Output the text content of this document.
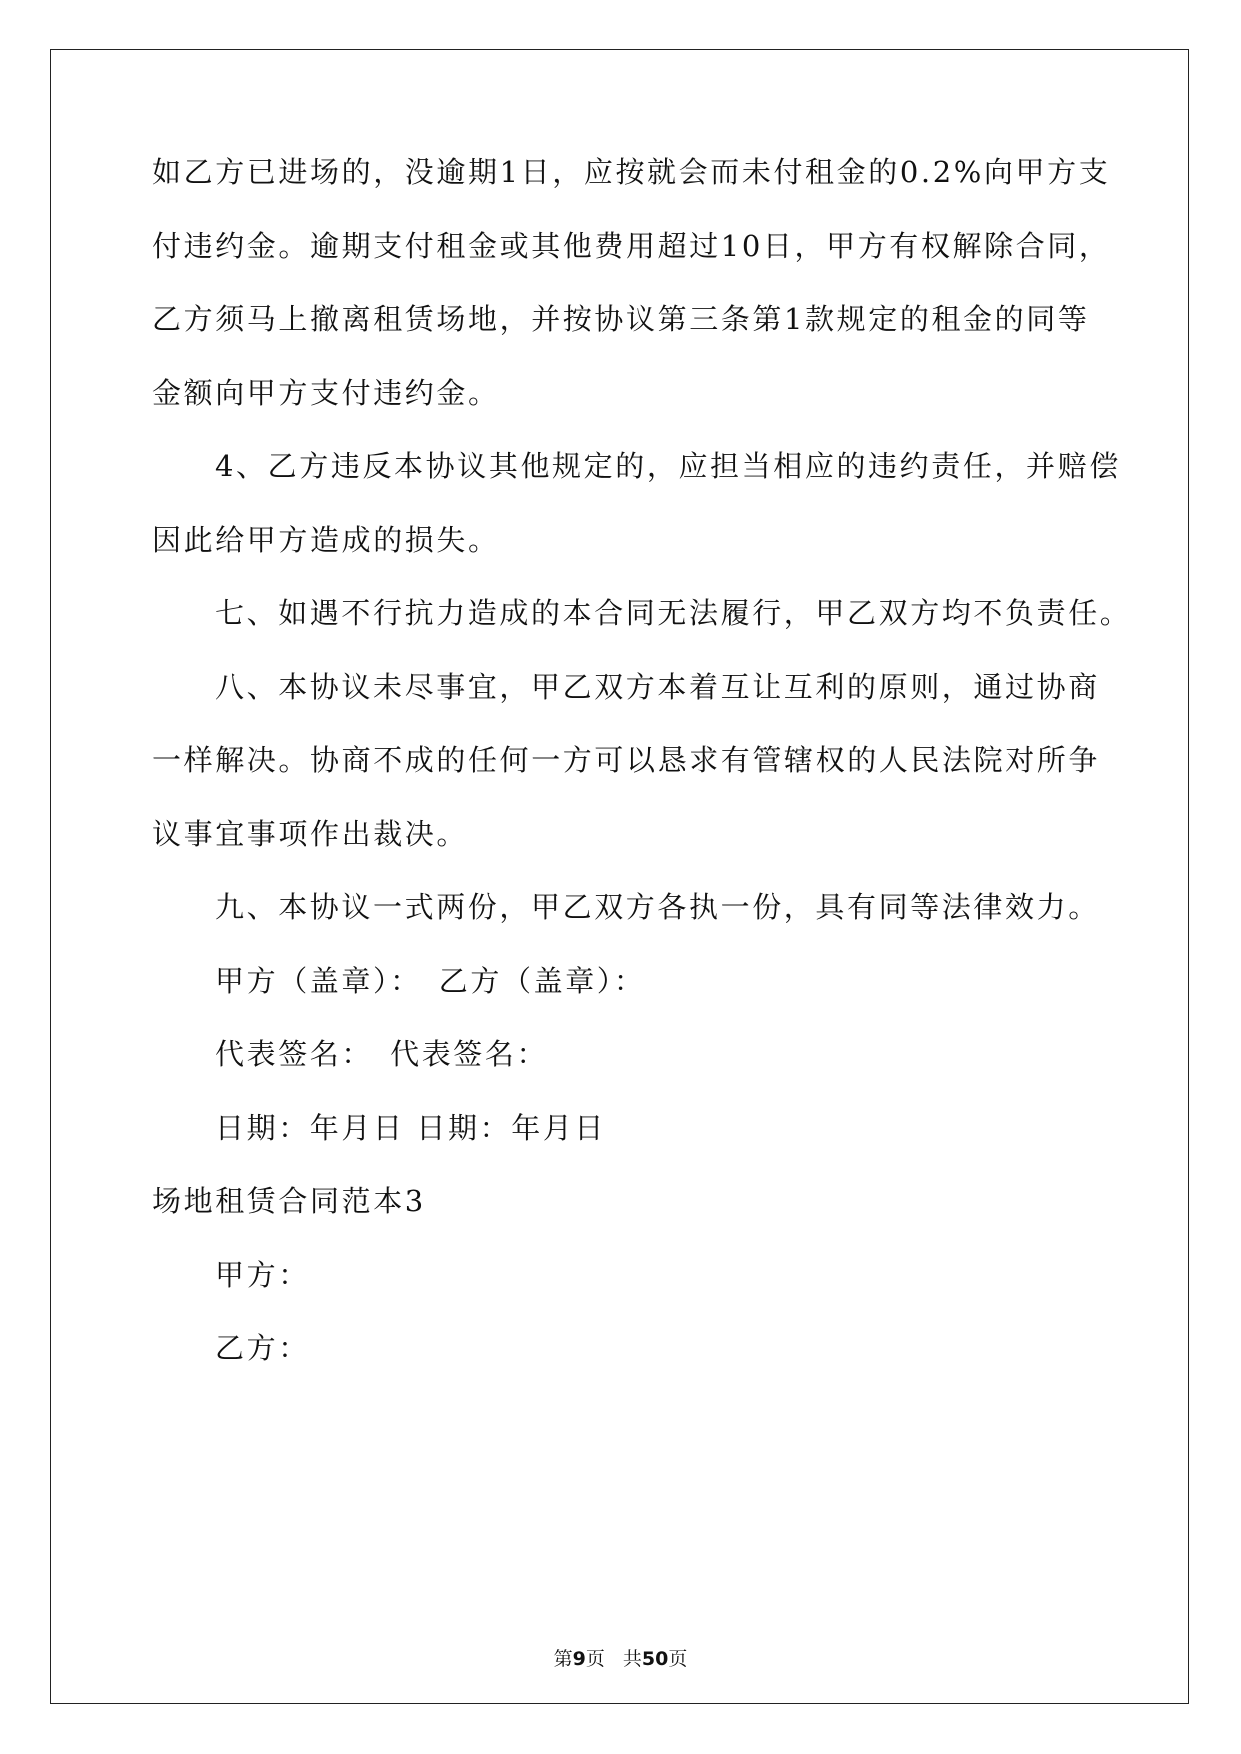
如乙方已进场的，没逾期1日，应按就会而未付租金的0.2%向甲方支
付违约金。逾期支付租金或其他费用超过10日，甲方有权解除合同，
乙方须马上撤离租赁场地，并按协议第三条第1款规定的租金的同等
金额向甲方支付违约金。
4、乙方违反本协议其他规定的，应担当相应的违约责任，并赔偿
因此给甲方造成的损失。
七、如遇不行抗力造成的本合同无法履行，甲乙双方均不负责任。
八、本协议未尽事宜，甲乙双方本着互让互利的原则，通过协商
一样解决。协商不成的任何一方可以恳求有管辖权的人民法院对所争
议事宜事项作出裁决。
九、本协议一式两份，甲乙双方各执一份，具有同等法律效力。
甲方（盖章）：　乙方（盖章）：
代表签名：　代表签名：
日期：年月日 日期：年月日
场地租赁合同范本3
甲方：
乙方：
第9页 共50页
